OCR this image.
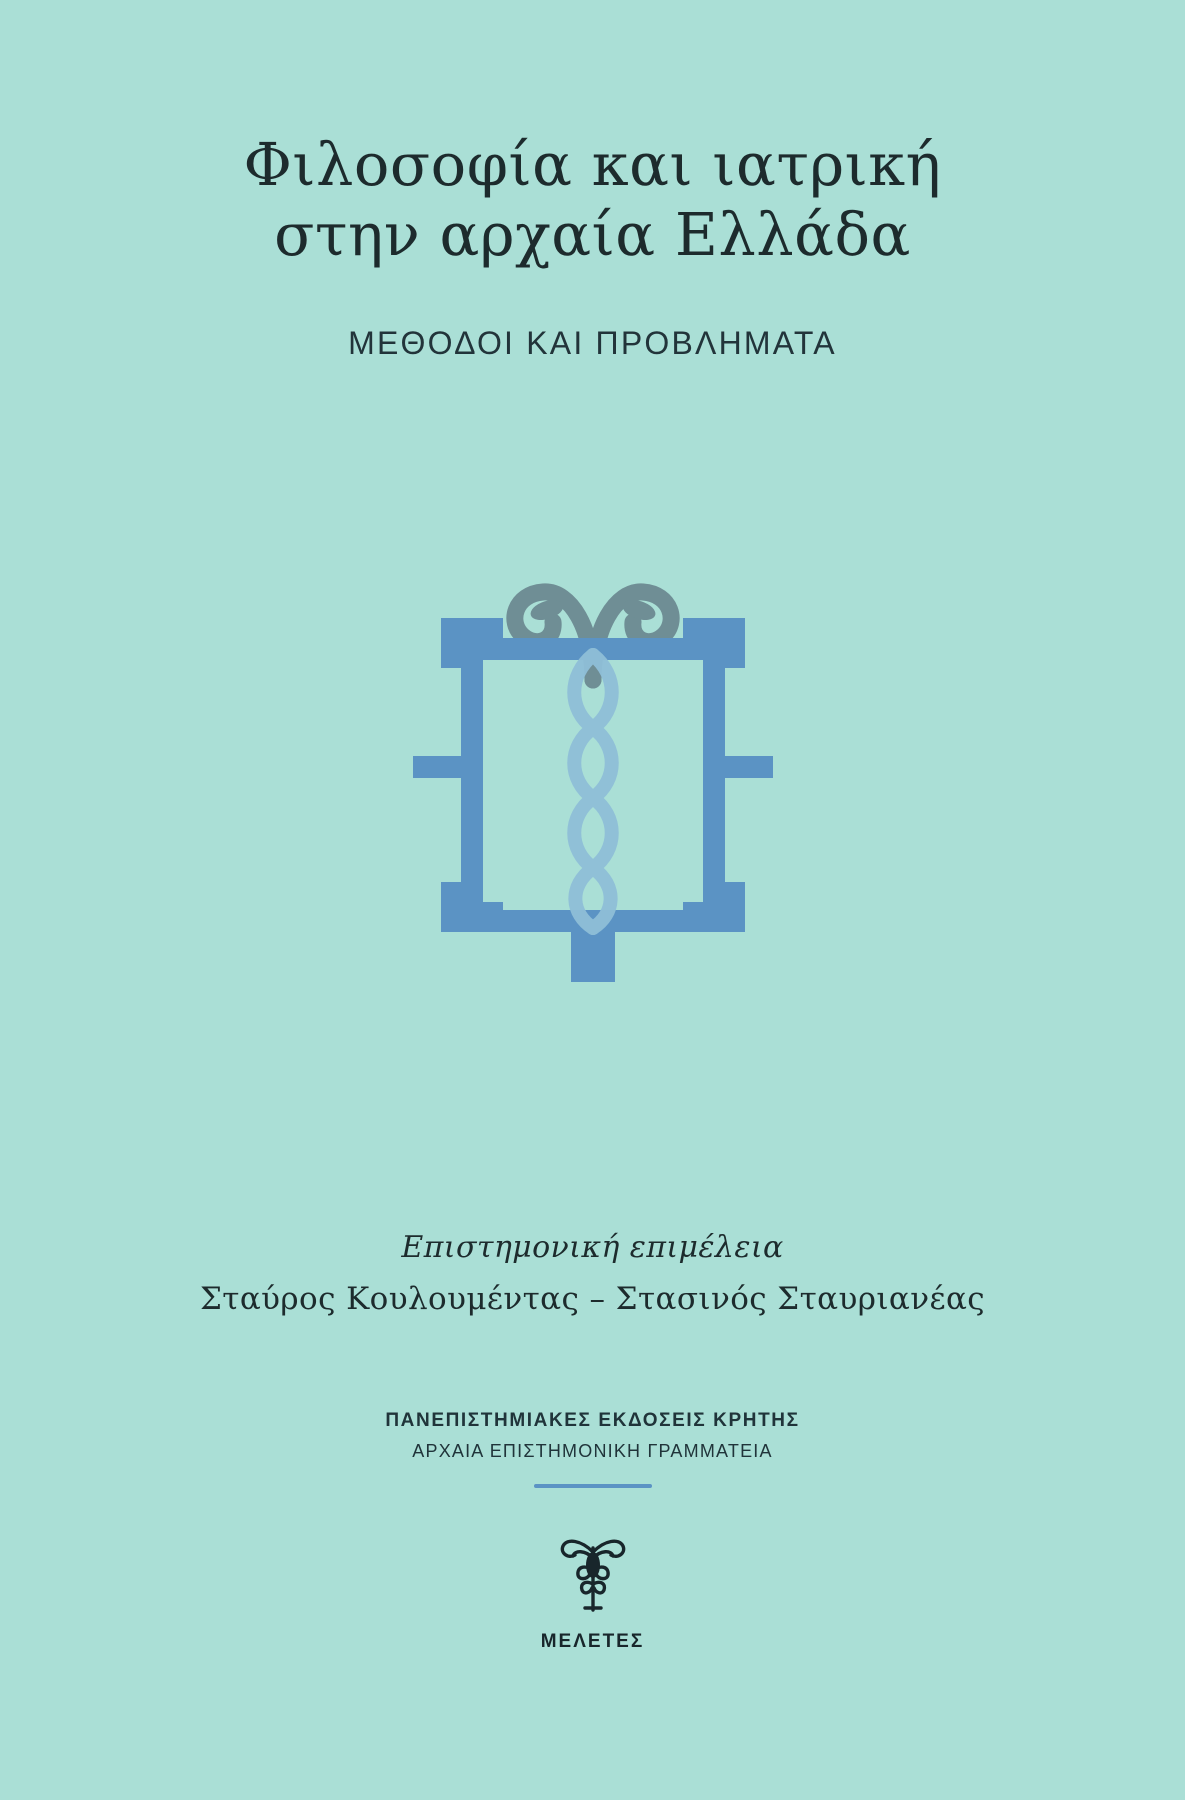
Φιλοσοφία και ιατρική
στην αρχαία Ελλάδα
ΜΕΘΟΔΟΙ ΚΑΙ ΠΡΟΒΛΗΜΑΤΑ
Επιστημονική επιμέλεια
Σταύρος Κουλουμέντας – Στασινός Σταυριανέας
ΠΑΝΕΠΙΣΤΗΜΙΑΚΕΣ ΕΚΔΟΣΕΙΣ ΚΡΗΤΗΣ
ΑΡΧΑΙΑ ΕΠΙΣΤΗΜΟΝΙΚΗ ΓΡΑΜΜΑΤΕΙΑ
ΜΕΛΕΤΕΣ
